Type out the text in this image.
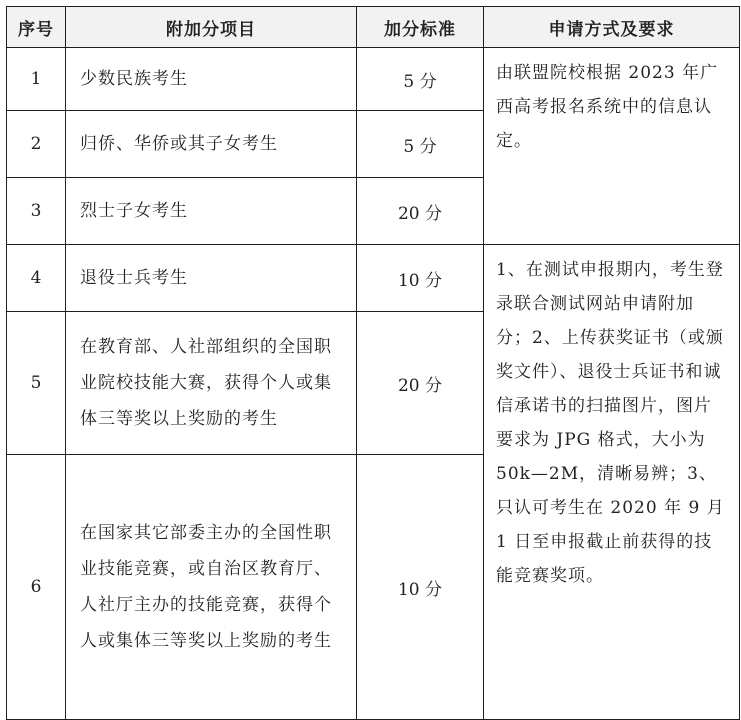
序号	附加分项目	加分标准	申请方式及要求
1	少数民族考生	5 分	由联盟院校根据 2023 年广西高考报名系统中的信息认定。
2	归侨、华侨或其子女考生	5 分	
3	烈士子女考生	20 分	
4	退役士兵考生	10 分	1、在测试申报期内，考生登录联合测试网站申请附加分；2、上传获奖证书（或颁奖文件）、退役士兵证书和诚信承诺书的扫描图片，图片要求为 JPG 格式，大小为 50k—2M，清晰易辨；3、只认可考生在 2020 年 9 月 1 日至申报截止前获得的技能竞赛奖项。
5	在教育部、人社部组织的全国职业院校技能大赛，获得个人或集体三等奖以上奖励的考生	20 分	
6	在国家其它部委主办的全国性职业技能竞赛，或自治区教育厅、人社厅主办的技能竞赛，获得个人或集体三等奖以上奖励的考生	10 分	
